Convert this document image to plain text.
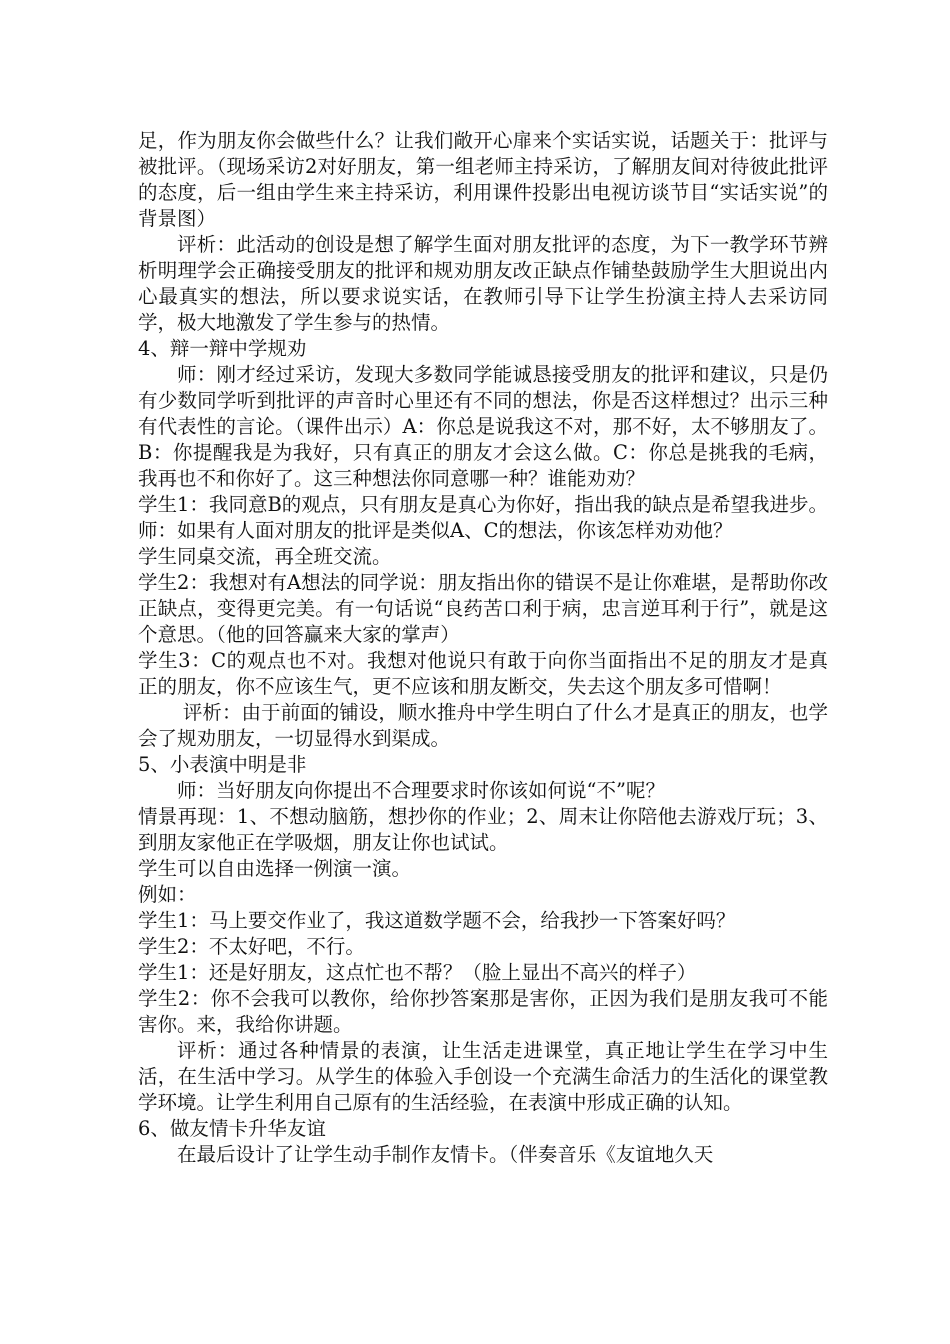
足，作为朋友你会做些什么？让我们敞开心扉来个实话实说，话题关于：批评与被批评。（现场采访2对好朋友，第一组老师主持采访，了解朋友间对待彼此批评的态度，后一组由学生来主持采访，利用课件投影出电视访谈节目“实话实说”的背景图）

评析：此活动的创设是想了解学生面对朋友批评的态度，为下一教学环节辨析明理学会正确接受朋友的批评和规劝朋友改正缺点作铺垫鼓励学生大胆说出内心最真实的想法，所以要求说实话，在教师引导下让学生扮演主持人去采访同学，极大地激发了学生参与的热情。

4、辩一辩中学规劝

师：刚才经过采访，发现大多数同学能诚恳接受朋友的批评和建议，只是仍有少数同学听到批评的声音时心里还有不同的想法，你是否这样想过？出示三种有代表性的言论。（课件出示）A：你总是说我这不对，那不好，太不够朋友了。B：你提醒我是为我好，只有真正的朋友才会这么做。C：你总是挑我的毛病，我再也不和你好了。这三种想法你同意哪一种？谁能劝劝？

学生1：我同意B的观点，只有朋友是真心为你好，指出我的缺点是希望我进步。师：如果有人面对朋友的批评是类似A、C的想法，你该怎样劝劝他？

学生同桌交流，再全班交流。

学生2：我想对有A想法的同学说：朋友指出你的错误不是让你难堪，是帮助你改正缺点，变得更完美。有一句话说“良药苦口利于病，忠言逆耳利于行”，就是这个意思。（他的回答赢来大家的掌声）

学生3：C的观点也不对。我想对他说只有敢于向你当面指出不足的朋友才是真正的朋友，你不应该生气，更不应该和朋友断交，失去这个朋友多可惜啊！

评析：由于前面的铺设，顺水推舟中学生明白了什么才是真正的朋友，也学会了规劝朋友，一切显得水到渠成。

5、小表演中明是非

师：当好朋友向你提出不合理要求时你该如何说“不”呢？

情景再现：1、不想动脑筋，想抄你的作业；2、周末让你陪他去游戏厅玩；3、到朋友家他正在学吸烟，朋友让你也试试。

学生可以自由选择一例演一演。

例如：

学生1：马上要交作业了，我这道数学题不会，给我抄一下答案好吗？

学生2：不太好吧，不行。

学生1：还是好朋友，这点忙也不帮？（脸上显出不高兴的样子）

学生2：你不会我可以教你，给你抄答案那是害你，正因为我们是朋友我可不能害你。来，我给你讲题。

评析：通过各种情景的表演，让生活走进课堂，真正地让学生在学习中生活，在生活中学习。从学生的体验入手创设一个充满生命活力的生活化的课堂教学环境。让学生利用自己原有的生活经验，在表演中形成正确的认知。

6、做友情卡升华友谊

在最后设计了让学生动手制作友情卡。（伴奏音乐《友谊地久天
